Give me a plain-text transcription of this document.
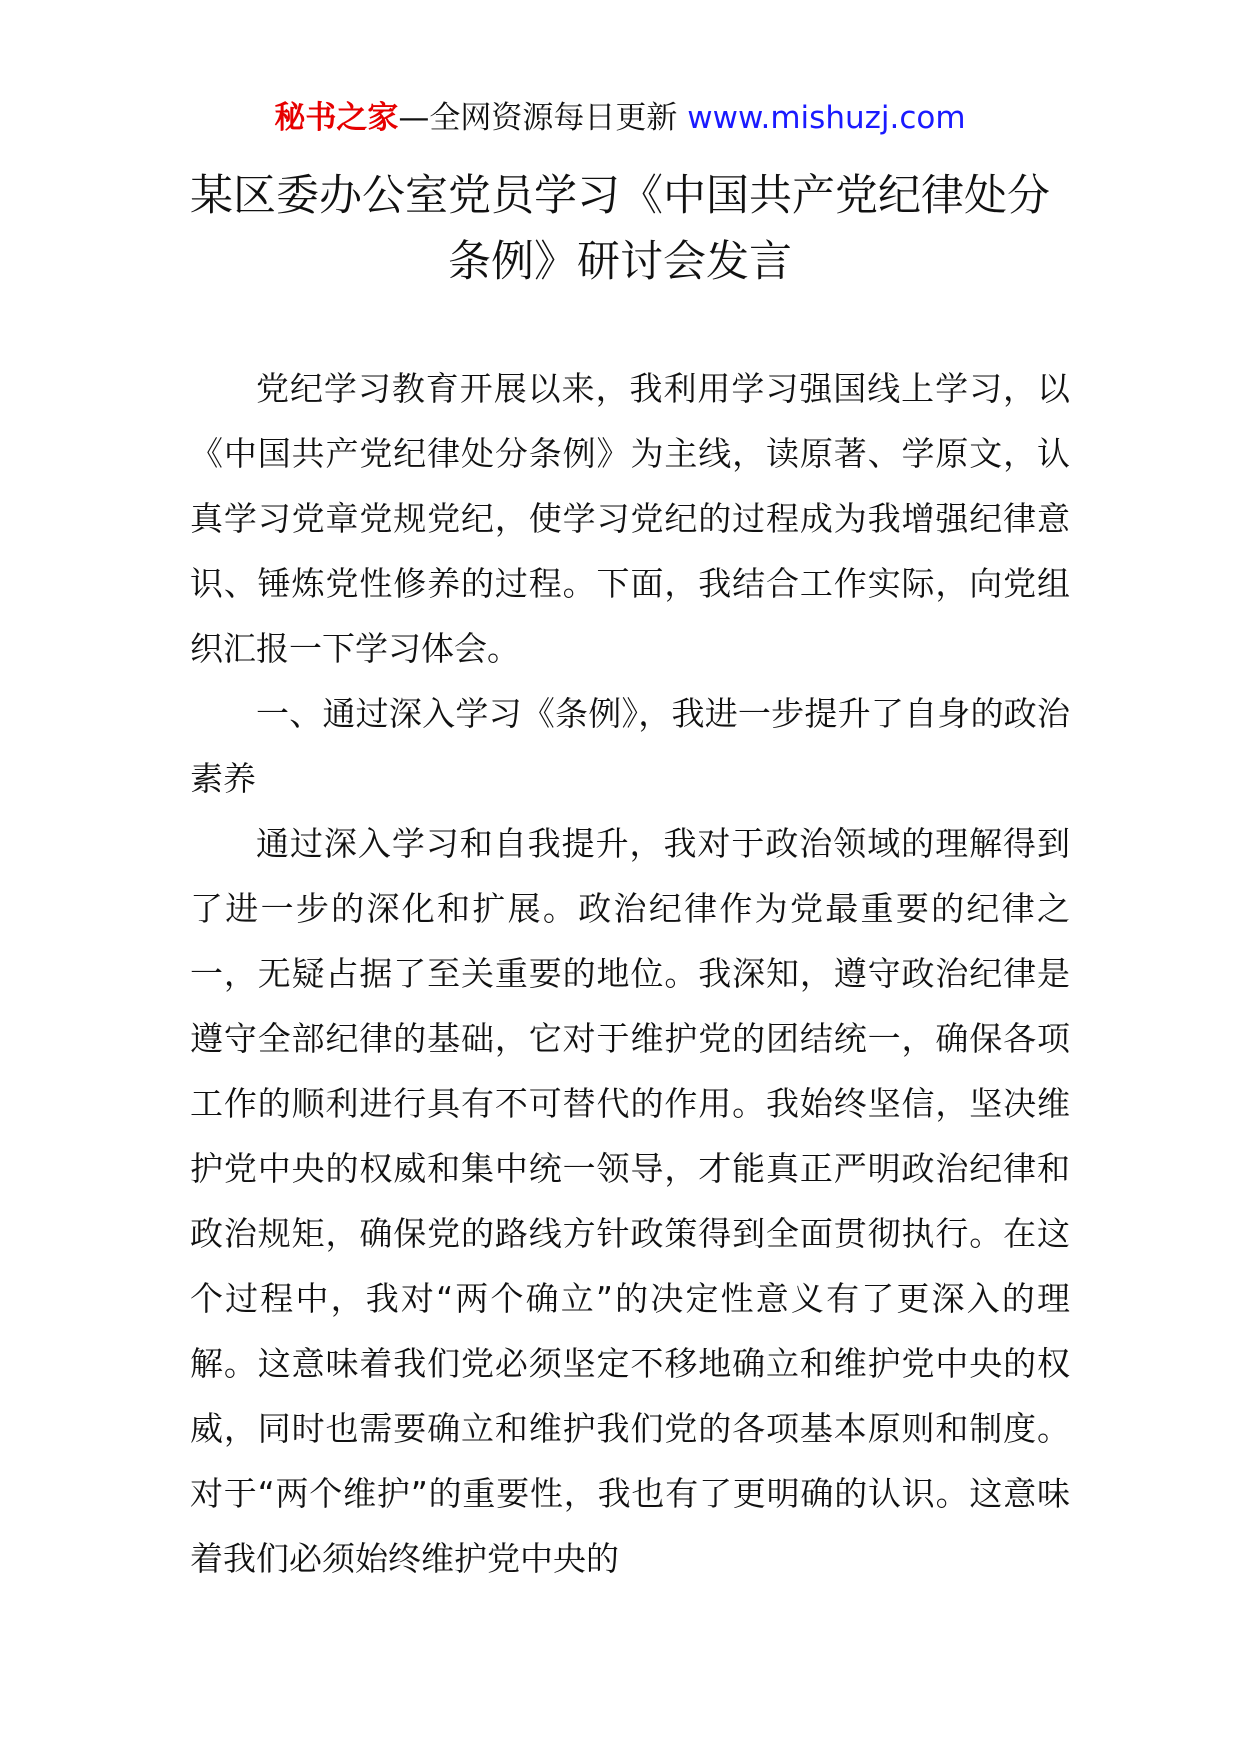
秘书之家—全网资源每日更新 www.mishuzj.com
某区委办公室党员学习《中国共产党纪律处分
条例》研讨会发言

党纪学习教育开展以来，我利用学习强国线上学习，以《中国共产党纪律处分条例》为主线，读原著、学原文，认真学习党章党规党纪，使学习党纪的过程成为我增强纪律意识、锤炼党性修养的过程。下面，我结合工作实际，向党组织汇报一下学习体会。

一、通过深入学习《条例》，我进一步提升了自身的政治素养

通过深入学习和自我提升，我对于政治领域的理解得到了进一步的深化和扩展。政治纪律作为党最重要的纪律之一，无疑占据了至关重要的地位。我深知，遵守政治纪律是遵守全部纪律的基础，它对于维护党的团结统一，确保各项工作的顺利进行具有不可替代的作用。我始终坚信，坚决维护党中央的权威和集中统一领导，才能真正严明政治纪律和政治规矩，确保党的路线方针政策得到全面贯彻执行。在这个过程中，我对“两个确立”的决定性意义有了更深入的理解。这意味着我们党必须坚定不移地确立和维护党中央的权威，同时也需要确立和维护我们党的各项基本原则和制度。对于“两个维护”的重要性，我也有了更明确的认识。这意味着我们必须始终维护党中央的
